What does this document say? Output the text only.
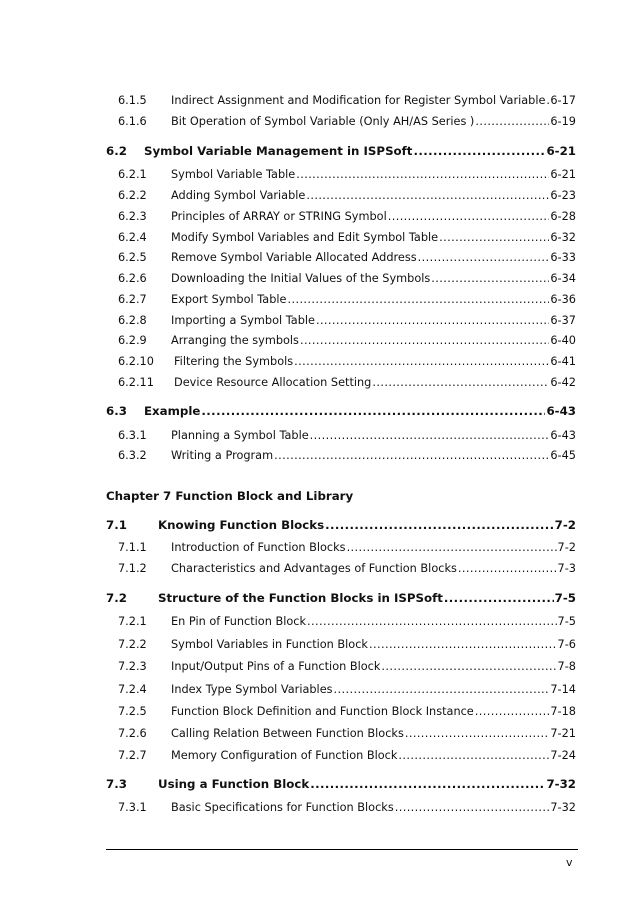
6.1.5 Indirect Assignment and Modification for Register Symbol Variable ..... 6-17
6.1.6 Bit Operation of Symbol Variable (Only AH/AS Series ) .....	6-19
6.2 Symbol Variable Management in ISPSoft .....	6-21
6.2.1 Symbol Variable Table .....	6-21
6.2.2 Adding Symbol Variable .....	6-23
6.2.3 Principles of ARRAY or STRING Symbol .....	6-28
6.2.4 Modify Symbol Variables and Edit Symbol Table .....	6-32
6.2.5 Remove Symbol Variable Allocated Address .....	6-33
6.2.6 Downloading the Initial Values of the Symbols .....	6-34
6.2.7 Export Symbol Table .....	6-36
6.2.8 Importing a Symbol Table .....	6-37
6.2.9 Arranging the symbols .....	6-40
6.2.10 Filtering the Symbols .....	6-41
6.2.11 Device Resource Allocation Setting .....	6-42
6.3 Example .....	6-43
6.3.1 Planning a Symbol Table .....	6-43
6.3.2 Writing a Program .....	6-45
Chapter 7 Function Block and Library
7.1	Knowing Function Blocks .....	7-2
7.1.1 Introduction of Function Blocks .....	7-2
7.1.2 Characteristics and Advantages of Function Blocks .....	7-3
7.2	Structure of the Function Blocks in ISPSoft .....	7-5
7.2.1 En Pin of Function Block .....	7-5
7.2.2 Symbol Variables in Function Block .....	7-6
7.2.3 Input/Output Pins of a Function Block .....	7-8
7.2.4 Index Type Symbol Variables .....	7-14
7.2.5 Function Block Definition and Function Block Instance .....	7-18
7.2.6 Calling Relation Between Function Blocks .....	7-21
7.2.7 Memory Configuration of Function Block .....	7-24
7.3	Using a Function Block .....	7-32
7.3.1 Basic Specifications for Function Blocks .....	7-32
v
